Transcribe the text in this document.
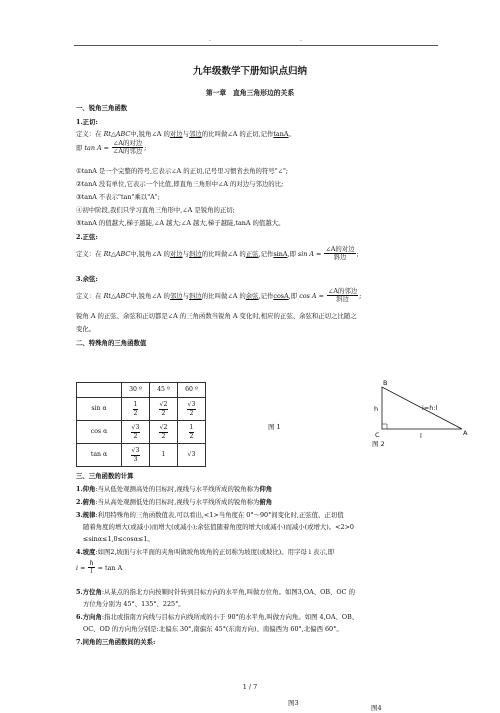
.	.
九年级数学下册知识点归纳
第一章　直角三角形边的关系
一、锐角三角函数
1.正切:
定义：在 Rt△ABC中,锐角∠A 的对边与邻边的比叫做∠A 的正切,记作tanA。
即 $\tan A = \frac{\text{∠A的对边}}{\text{∠A的邻边}}$ ;
①tanA 是一个完整的符号,它表示∠A 的正切,记号里习惯省去角的符号"∠";
②tanA 没有单位,它表示一个比值,即直角三角形中∠A 的对边与邻边的比;
③tanA 不表示"tan"乘以"A";
④初中阶段,我们只学习直角三角形中,∠A 是锐角的正切;
⑤tanA 的值越大,梯子越陡,∠A 越大;∠A 越大,梯子越陡,tanA 的值越大。
2.正弦:
定义：在 Rt△ABC中,锐角∠A 的对边与斜边的比叫做∠A 的正弦,记作sinA,即 $\sin A = \frac{\text{∠A的对边}}{\text{斜边}}$ ;
3.余弦:
定义：在 Rt△ABC中,锐角∠A 的邻边与斜边的比叫做∠A 的余弦,记作cosA,即 $\cos A = \frac{\text{∠A的邻边}}{\text{斜边}}$ ;
锐角 A 的正弦、余弦和正切都是∠A 的三角函数当锐角 A 变化时,相应的正弦、余弦和正切之比随之
变化。
二、特殊角的三角函数值
	30 º	45 º	60 º
sin α	$\frac{1}{2}$	$\frac{√2}{2}$	$\frac{√3}{2}$

cos α	$\frac{√3}{2}$	$\frac{√2}{2}$	$\frac{1}{2}$

tan α	$\frac{√3}{3}$	1	√3
图 1
B
C	A
h
l
i=h:l
图 2
三、三角函数的计算
1.仰角:当从低处观测高处的目标时,视线与水平线所成的锐角称为仰角
2.俯角:当从高处观测低处的目标时,视线与水平线所成的锐角称为俯角
3.规律:利用特殊角的三角函数值表,可以看出,<1>当角度在 0°～90°间变化时,正弦值、正切值
随着角度的增大(或减小)而增大(或减小);余弦值随着角度的增大(或减小)而减小(或增大)。<2>0
≤sinα≤1,0≤cosα≤1。
4.坡度:如图2,坡面与水平面的夹角叫做坡角坡角的正切称为坡度(或坡比)。用字母 i 表示,即
$i = \frac{h}{l} = \tan A$
5.方位角:从某点的指北方向按顺时针转到目标方向的水平角,叫做方位角。如图3,OA、OB、OC 的
方位角分别为 45°、135°、225°。
6.方向角:指北或指南方向线与目标方向线所成的小于 90°的水平角,叫做方向角。如图 4,OA、OB、
OC、OD 的方向角分别是:北偏东 30°,南偏东 45°(东南方向)、南偏西为 60°,北偏西 60°。
7.同角的三角函数间的关系:
1 / 7
图3
图4
